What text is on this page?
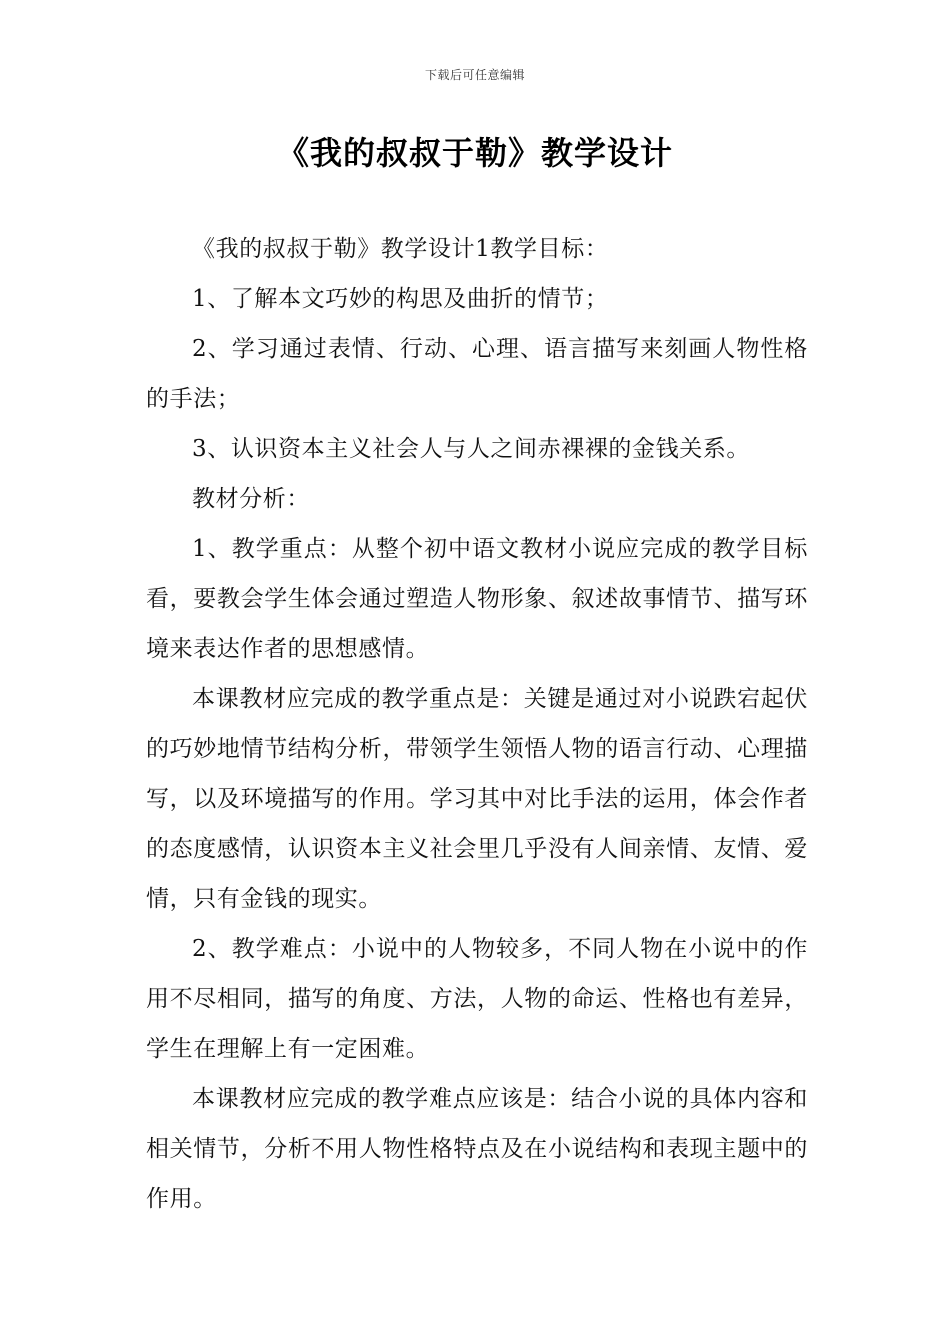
下载后可任意编辑
《我的叔叔于勒》教学设计

《我的叔叔于勒》教学设计1教学目标：

1、了解本文巧妙的构思及曲折的情节；

2、学习通过表情、行动、心理、语言描写来刻画人物性格的手法；

3、认识资本主义社会人与人之间赤裸裸的金钱关系。

教材分析：

1、教学重点：从整个初中语文教材小说应完成的教学目标看，要教会学生体会通过塑造人物形象、叙述故事情节、描写环境来表达作者的思想感情。

本课教材应完成的教学重点是：关键是通过对小说跌宕起伏的巧妙地情节结构分析，带领学生领悟人物的语言行动、心理描写，以及环境描写的作用。学习其中对比手法的运用，体会作者的态度感情，认识资本主义社会里几乎没有人间亲情、友情、爱情，只有金钱的现实。

2、教学难点：小说中的人物较多，不同人物在小说中的作用不尽相同，描写的角度、方法，人物的命运、性格也有差异，学生在理解上有一定困难。

本课教材应完成的教学难点应该是：结合小说的具体内容和相关情节，分析不用人物性格特点及在小说结构和表现主题中的作用。
